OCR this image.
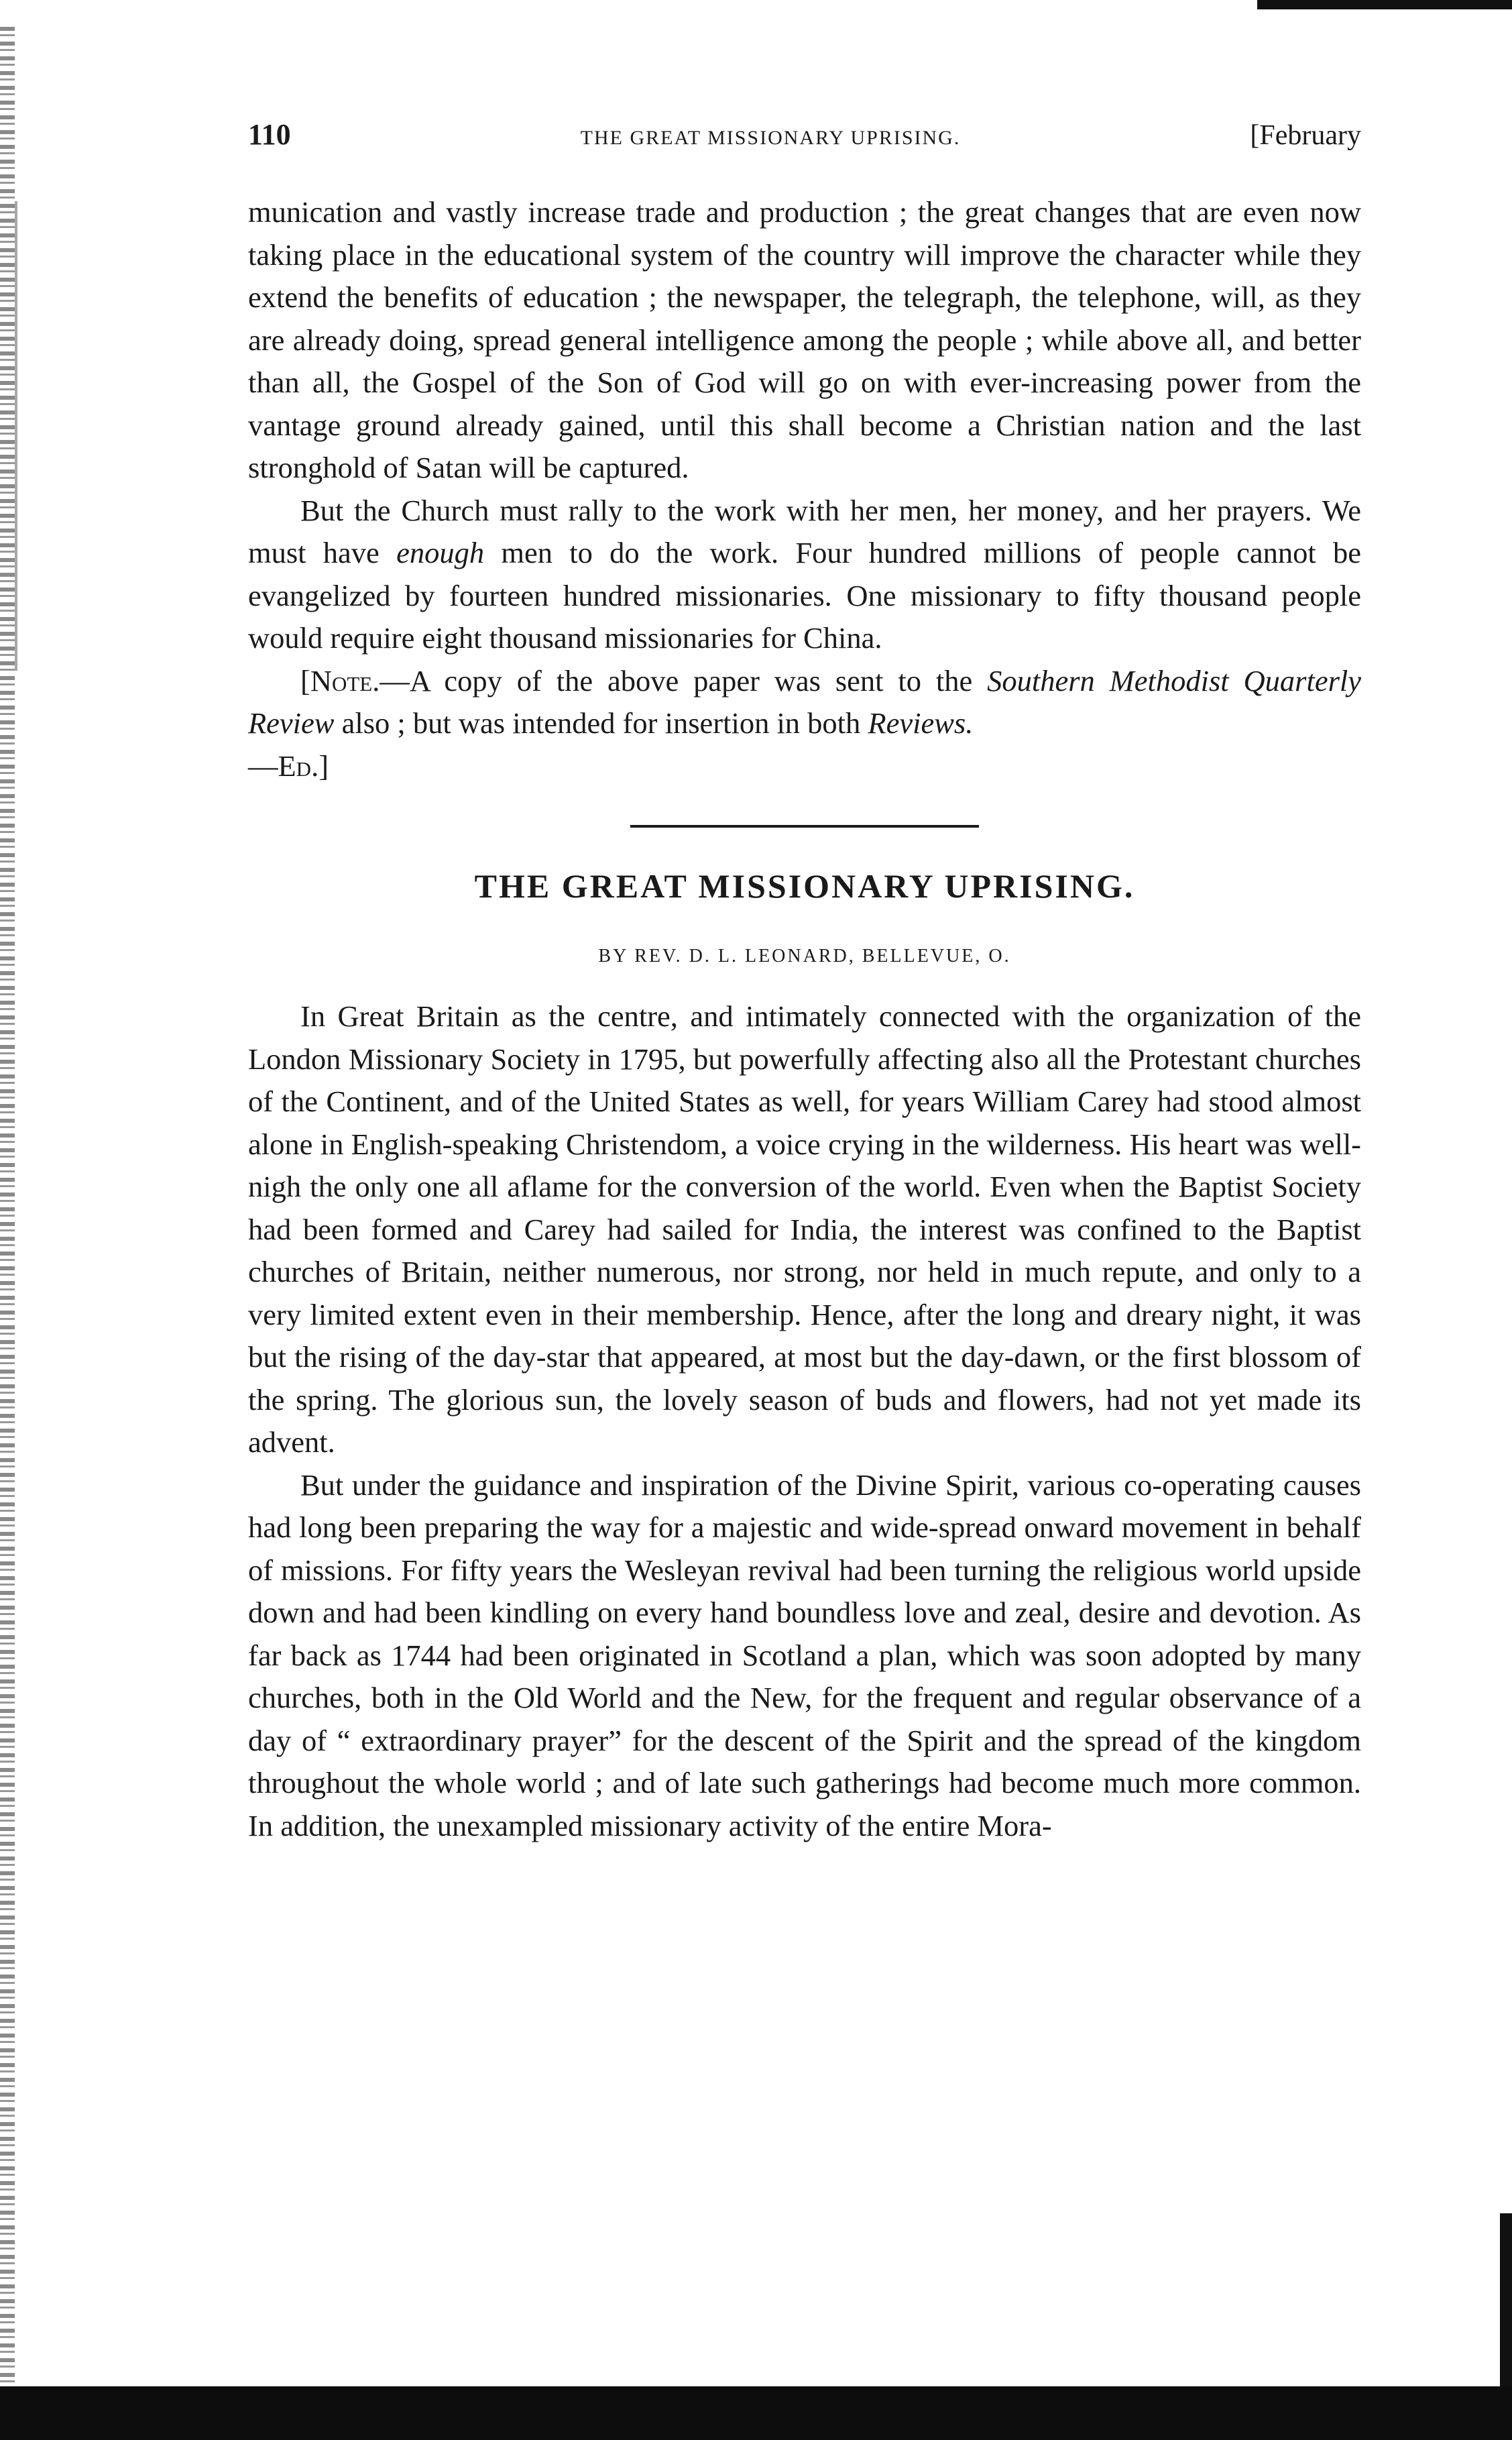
110	THE GREAT MISSIONARY UPRISING.	[February

munication and vastly increase trade and production ; the great changes that are even now taking place in the educational system of the country will improve the character while they extend the benefits of education ; the newspaper, the telegraph, the telephone, will, as they are already doing, spread general intelligence among the people ; while above all, and better than all, the Gospel of the Son of God will go on with ever-increasing power from the vantage ground already gained, until this shall become a Christian nation and the last stronghold of Satan will be captured.

But the Church must rally to the work with her men, her money, and her prayers. We must have enough men to do the work. Four hundred millions of people cannot be evangelized by fourteen hundred missionaries. One missionary to fifty thousand people would require eight thousand missionaries for China.

[Note.—A copy of the above paper was sent to the Southern Methodist Quarterly Review also ; but was intended for insertion in both Reviews.

—Ed.]

THE GREAT MISSIONARY UPRISING.

BY REV. D. L. LEONARD, BELLEVUE, O.

In Great Britain as the centre, and intimately connected with the organization of the London Missionary Society in 1795, but powerfully affecting also all the Protestant churches of the Continent, and of the United States as well, for years William Carey had stood almost alone in English-speaking Christendom, a voice crying in the wilderness. His heart was well-nigh the only one all aflame for the conversion of the world. Even when the Baptist Society had been formed and Carey had sailed for India, the interest was confined to the Baptist churches of Britain, neither numerous, nor strong, nor held in much repute, and only to a very limited extent even in their membership. Hence, after the long and dreary night, it was but the rising of the day-star that appeared, at most but the day-dawn, or the first blossom of the spring. The glorious sun, the lovely season of buds and flowers, had not yet made its advent.

But under the guidance and inspiration of the Divine Spirit, various co-operating causes had long been preparing the way for a majestic and wide-spread onward movement in behalf of missions. For fifty years the Wesleyan revival had been turning the religious world upside down and had been kindling on every hand boundless love and zeal, desire and devotion. As far back as 1744 had been originated in Scotland a plan, which was soon adopted by many churches, both in the Old World and the New, for the frequent and regular observance of a day of “ extraordinary prayer” for the descent of the Spirit and the spread of the kingdom throughout the whole world ; and of late such gatherings had become much more common. In addition, the unexampled missionary activity of the entire Mora-
